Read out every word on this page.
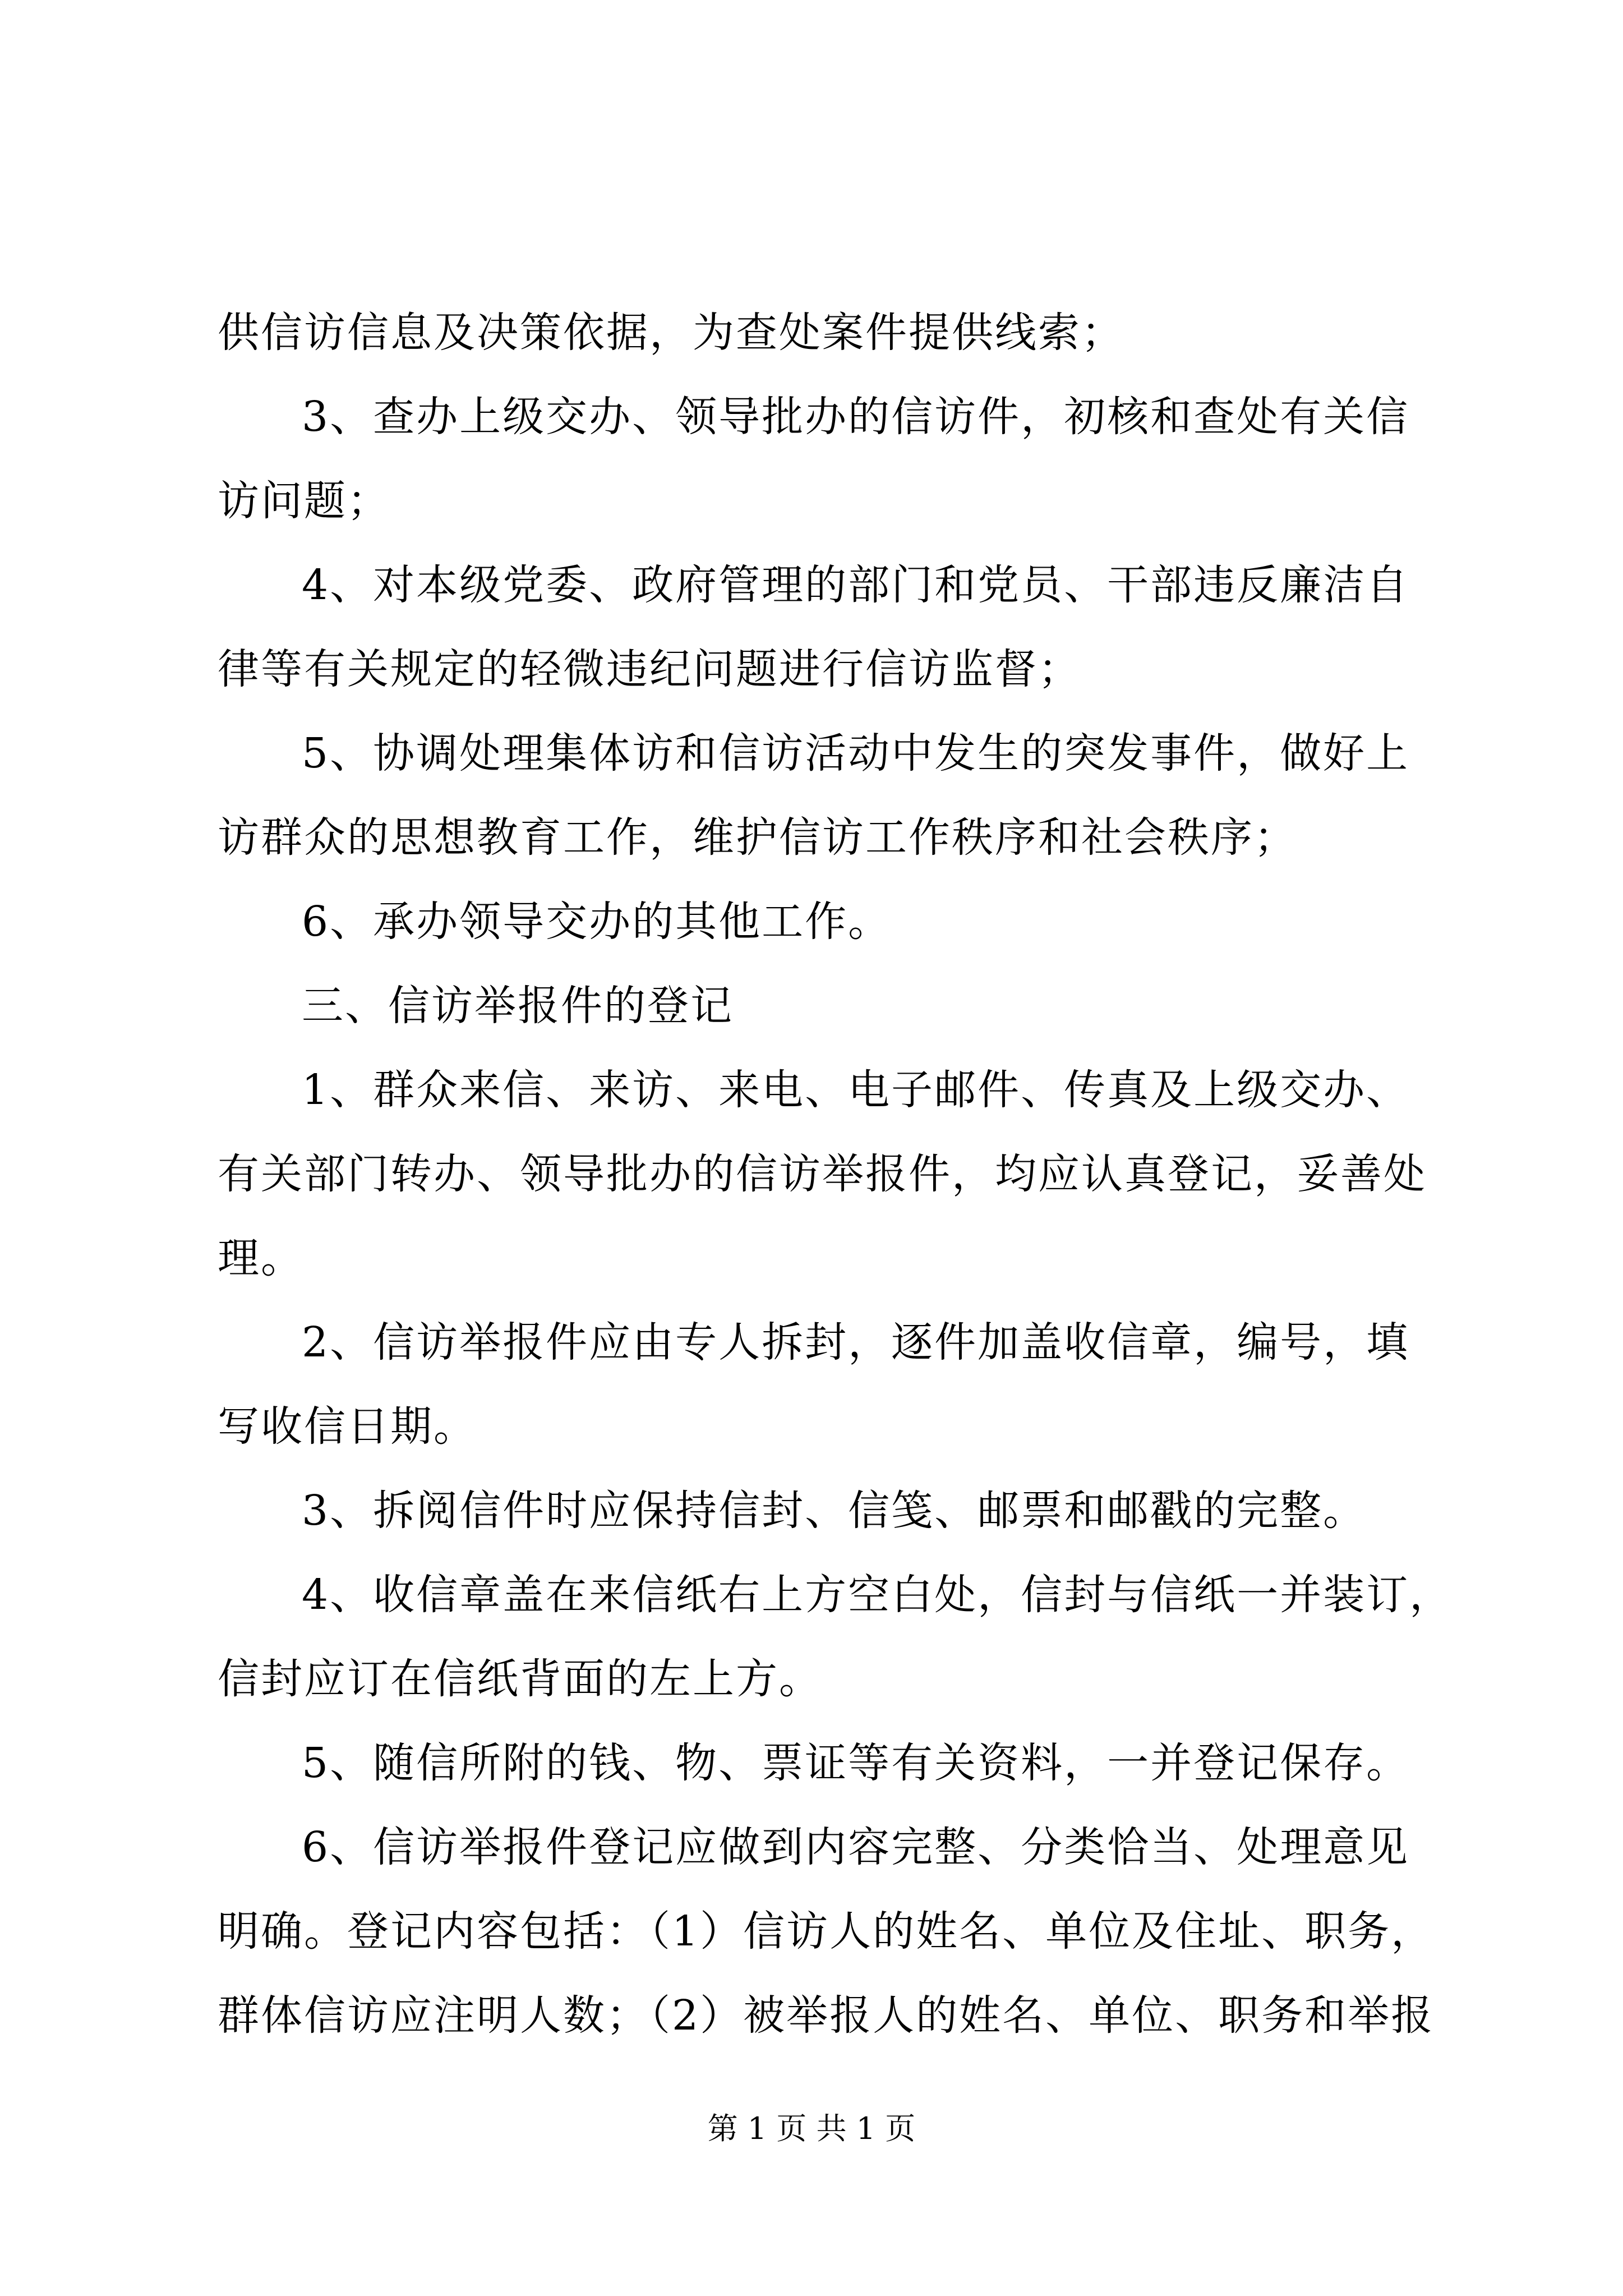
供信访信息及决策依据，为查处案件提供线索；
3、查办上级交办、领导批办的信访件，初核和查处有关信
访问题；
4、对本级党委、政府管理的部门和党员、干部违反廉洁自
律等有关规定的轻微违纪问题进行信访监督；
5、协调处理集体访和信访活动中发生的突发事件，做好上
访群众的思想教育工作，维护信访工作秩序和社会秩序；
6、承办领导交办的其他工作。
三、信访举报件的登记
1、群众来信、来访、来电、电子邮件、传真及上级交办、
有关部门转办、领导批办的信访举报件，均应认真登记，妥善处
理。
2、信访举报件应由专人拆封，逐件加盖收信章，编号，填
写收信日期。
3、拆阅信件时应保持信封、信笺、邮票和邮戳的完整。
4、收信章盖在来信纸右上方空白处，信封与信纸一并装订，
信封应订在信纸背面的左上方。
5、随信所附的钱、物、票证等有关资料，一并登记保存。
6、信访举报件登记应做到内容完整、分类恰当、处理意见
明确。登记内容包括：（1）信访人的姓名、单位及住址、职务，
群体信访应注明人数；（2）被举报人的姓名、单位、职务和举报
第 1 页 共 1 页
